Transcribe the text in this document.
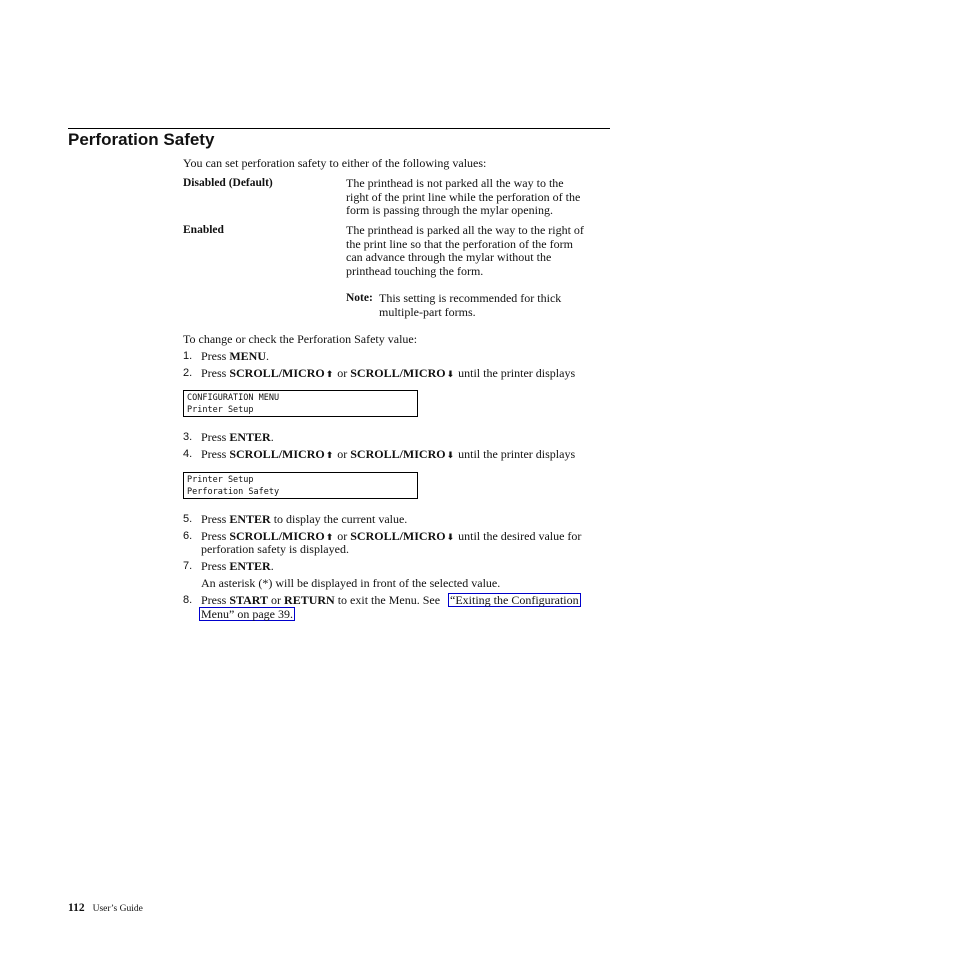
Perforation Safety
You can set perforation safety to either of the following values:
Disabled (Default)	The printhead is not parked all the way to the
right of the print line while the perforation of the
form is passing through the mylar opening.
Enabled	The printhead is parked all the way to the right of
the print line so that the perforation of the form
can advance through the mylar without the
printhead touching the form.
Note: This setting is recommended for thick
multiple-part forms.
To change or check the Perforation Safety value:
1. Press MENU.
2. Press SCROLL/MICRO⬆ or SCROLL/MICRO⬇ until the printer displays
CONFIGURATION MENU
Printer Setup
3. Press ENTER.
4. Press SCROLL/MICRO⬆ or SCROLL/MICRO⬇ until the printer displays
Printer Setup
Perforation Safety
5. Press ENTER to display the current value.
6. Press SCROLL/MICRO⬆ or SCROLL/MICRO⬇ until the desired value for
perforation safety is displayed.
7. Press ENTER.
An asterisk (*) will be displayed in front of the selected value.
8. Press START or RETURN to exit the Menu. See “Exiting the Configuration
Menu” on page 39.
112 User’s Guide
